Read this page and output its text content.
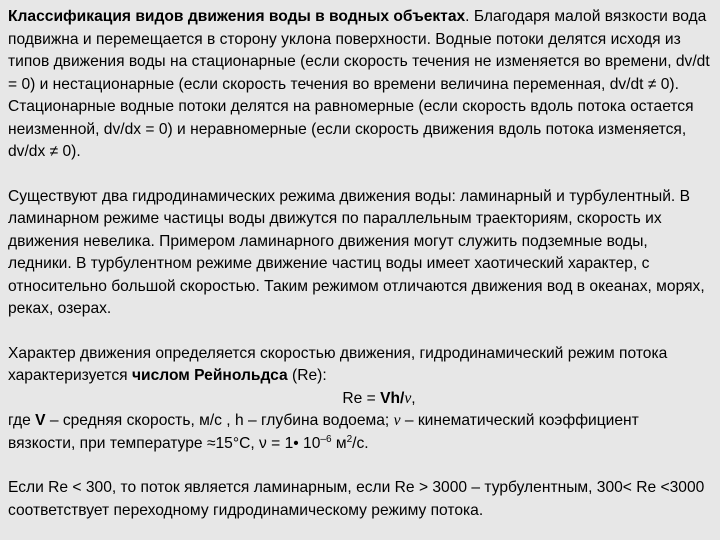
Классификация видов движения воды в водных объектах. Благодаря малой вязкости вода подвижна и перемещается в сторону уклона поверхности. Водные потоки делятся исходя из типов движения воды на стационарные (если скорость течения не изменяется во времени, dv/dt = 0) и нестационарные (если скорость течения во времени величина переменная, dv/dt ≠ 0).

Стационарные водные потоки делятся на равномерные (если скорость вдоль потока остается неизменной, dv/dx = 0) и неравномерные (если скорость движения вдоль потока изменяется, dv/dx ≠ 0).

Существуют два гидродинамических режима движения воды: ламинарный и турбулентный. В ламинарном режиме частицы воды движутся по параллельным траекториям, скорость их движения невелика. Примером ламинарного движения могут служить подземные воды, ледники. В турбулентном режиме движение частиц воды имеет хаотический характер, с относительно большой скоростью. Таким режимом отличаются движения вод в океанах, морях, реках, озерах.

Характер движения определяется скоростью движения, гидродинамический режим потока характеризуется числом Рейнольдса (Re):

Re = Vh/ν,

где V – средняя скорость, м/с , h – глубина водоема; ν – кинематический коэффициент вязкости, при температуре ≈15°С, ν = 1• $10^{-6}$ $м^2/с$.

Если Re < 300, то поток является ламинарным, если Re > 3000 – турбулентным, 300< Re <3000 соответствует переходному гидродинамическому режиму потока.
